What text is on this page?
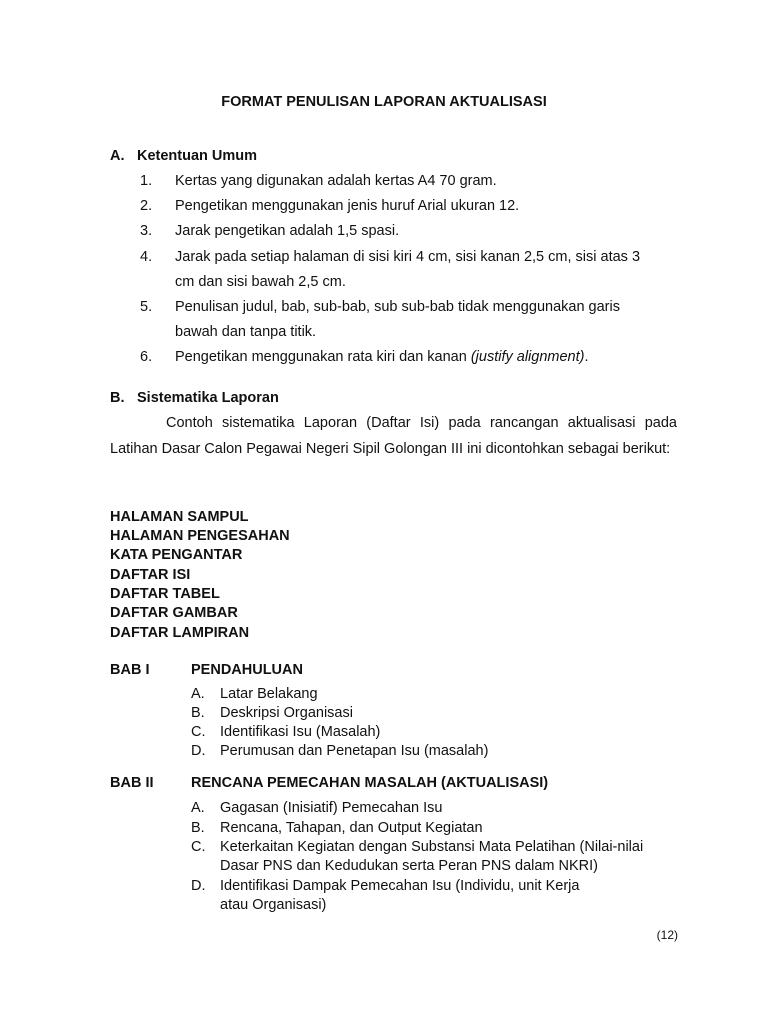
FORMAT PENULISAN LAPORAN AKTUALISASI
A. Ketentuan Umum
1.	Kertas yang digunakan adalah kertas A4 70 gram.
2.	Pengetikan menggunakan jenis huruf Arial ukuran 12.
3.	Jarak pengetikan adalah 1,5 spasi.
4.	Jarak pada setiap halaman di sisi kiri 4 cm, sisi kanan 2,5 cm, sisi atas 3
cm dan sisi bawah 2,5 cm.
5.	Penulisan judul, bab, sub-bab, sub sub-bab tidak menggunakan garis
bawah dan tanpa titik.
6.	Pengetikan menggunakan rata kiri dan kanan (justify alignment).
B. Sistematika Laporan
Contoh sistematika Laporan (Daftar Isi) pada rancangan aktualisasi pada Latihan Dasar Calon Pegawai Negeri Sipil Golongan III ini dicontohkan sebagai berikut:
HALAMAN SAMPUL
HALAMAN PENGESAHAN
KATA PENGANTAR
DAFTAR ISI
DAFTAR TABEL
DAFTAR GAMBAR
DAFTAR LAMPIRAN
BAB I	PENDAHULUAN
A.	Latar Belakang
B.	Deskripsi Organisasi
C.	Identifikasi Isu (Masalah)
D.	Perumusan dan Penetapan Isu (masalah)
BAB II	RENCANA PEMECAHAN MASALAH (AKTUALISASI)
A.	Gagasan (Inisiatif) Pemecahan Isu
B.	Rencana, Tahapan, dan Output Kegiatan
C.	Keterkaitan Kegiatan dengan Substansi Mata Pelatihan (Nilai-nilai
Dasar PNS dan Kedudukan serta Peran PNS dalam NKRI)
D.	Identifikasi Dampak Pemecahan Isu (Individu, unit Kerja
atau Organisasi)
(12)
